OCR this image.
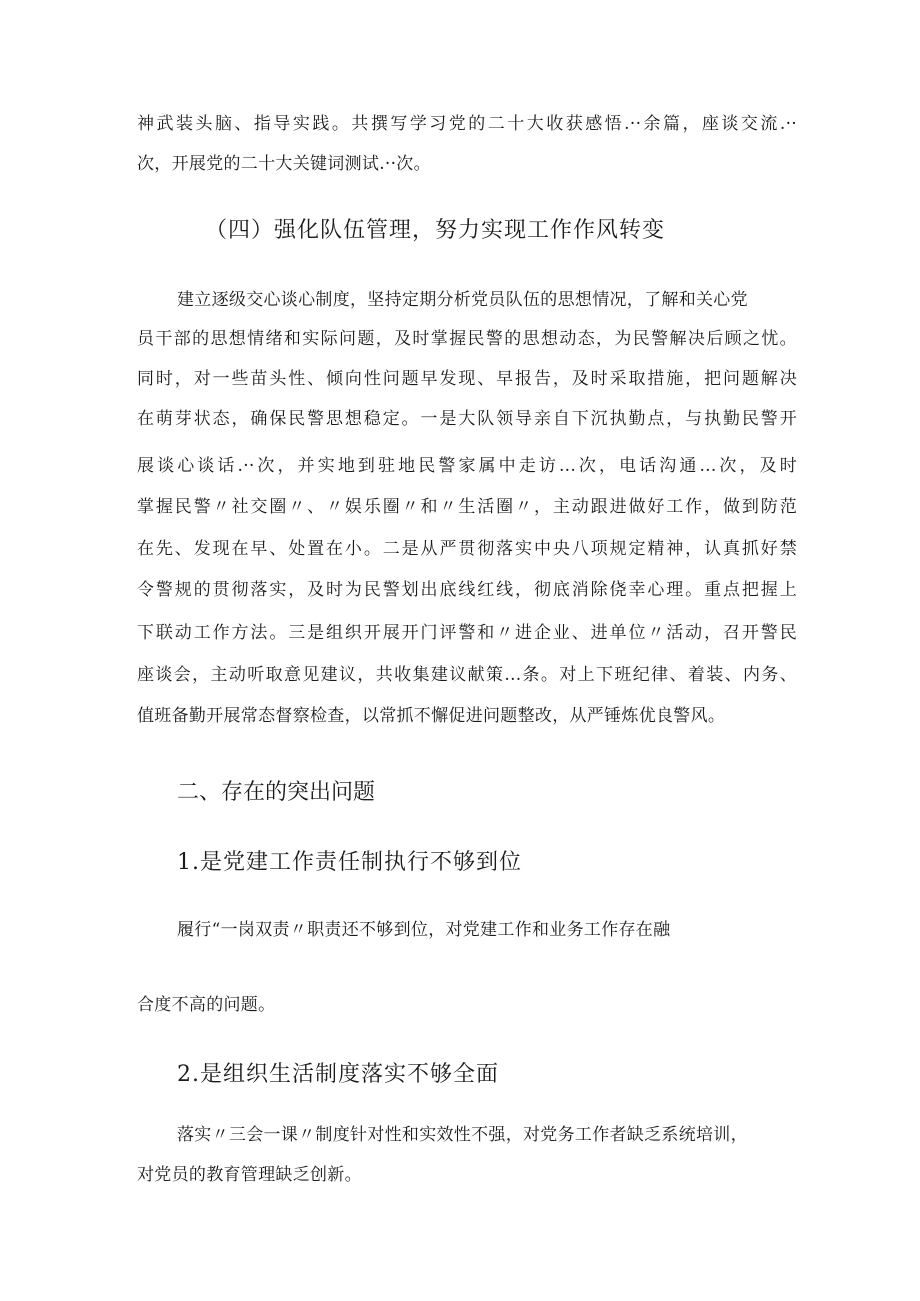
神武装头脑、指导实践。共撰写学习党的二十大收获感悟.··余篇，座谈交流.··
次，开展党的二十大关键词测试.··次。
（四）强化队伍管理，努力实现工作作风转变
建立逐级交心谈心制度，坚持定期分析党员队伍的思想情况，了解和关心党
员干部的思想情绪和实际问题，及时掌握民警的思想动态，为民警解决后顾之忧。
同时，对一些苗头性、倾向性问题早发现、早报告，及时采取措施，把问题解决
在萌芽状态，确保民警思想稳定。一是大队领导亲自下沉执勤点，与执勤民警开
展谈心谈话.··次，并实地到驻地民警家属中走访...次，电话沟通...次，及时
掌握民警〃社交圈〃、〃娱乐圈〃和〃生活圈〃，主动跟进做好工作，做到防范
在先、发现在早、处置在小。二是从严贯彻落实中央八项规定精神，认真抓好禁
令警规的贯彻落实，及时为民警划出底线红线，彻底消除侥幸心理。重点把握上
下联动工作方法。三是组织开展开门评警和〃进企业、进单位〃活动，召开警民
座谈会，主动听取意见建议，共收集建议献策...条。对上下班纪律、着装、内务、
值班备勤开展常态督察检查，以常抓不懈促进问题整改，从严锤炼优良警风。
二、存在的突出问题
1.是党建工作责任制执行不够到位
履行“一岗双责〃职责还不够到位，对党建工作和业务工作存在融
合度不高的问题。
2.是组织生活制度落实不够全面
落实〃三会一课〃制度针对性和实效性不强，对党务工作者缺乏系统培训，
对党员的教育管理缺乏创新。
